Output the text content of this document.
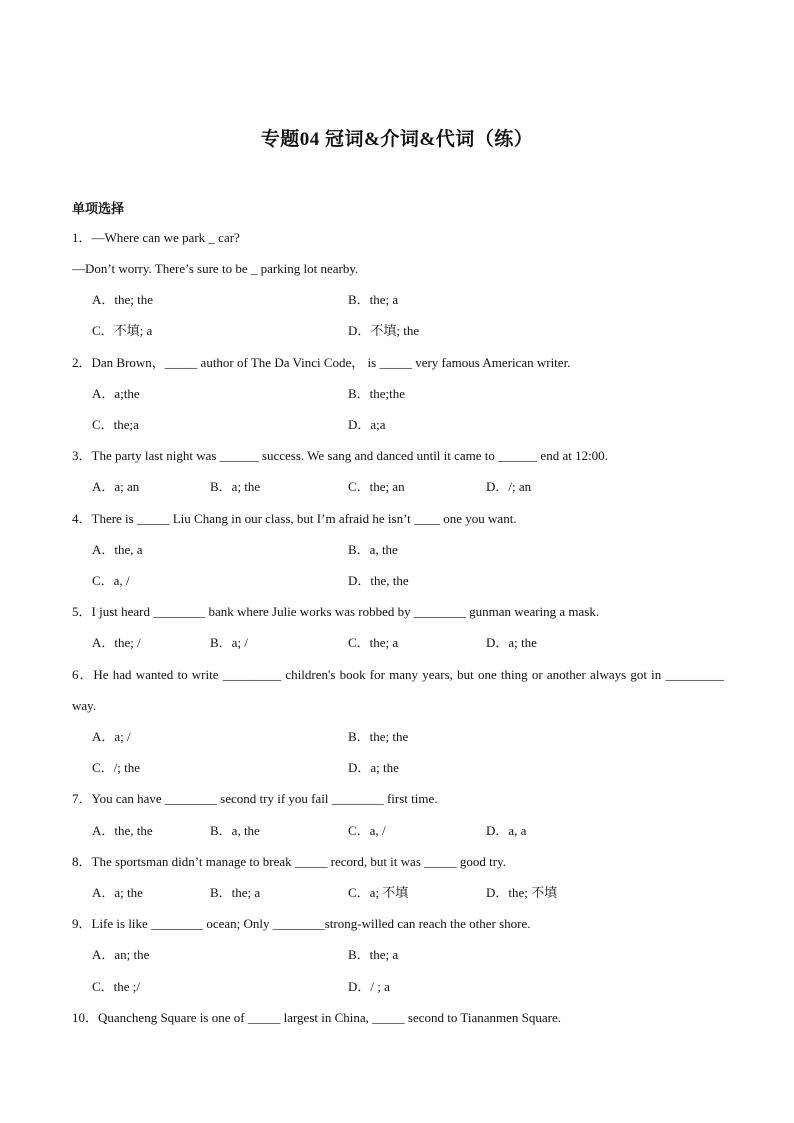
专题04 冠词&介词&代词（练）
单项选择
1．—Where can we park _ car?
—Don’t worry. There’s sure to be _ parking lot nearby.
A．the; the	B．the; a
C．不填; a	D．不填; the
2．Dan Brown，_____ author of The Da Vinci Code， is _____ very famous American writer.
A．a;the	B．the;the
C．the;a	D．a;a
3．The party last night was ______ success. We sang and danced until it came to ______ end at 12:00.
A．a; an	B．a; the	C．the; an	D．/; an
4．There is _____ Liu Chang in our class, but I’m afraid he isn’t ____ one you want.
A．the, a	B．a, the
C．a, /	D．the, the
5．I just heard ________ bank where Julie works was robbed by ________ gunman wearing a mask.
A．the; /	B．a; /	C．the; a	D．a; the
6．He had wanted to write _________ children's book for many years, but one thing or another always got in _________ way.
A．a; /	B．the; the
C．/; the	D．a; the
7．You can have ________ second try if you fail ________ first time.
A．the, the	B．a, the	C．a, /	D．a, a
8．The sportsman didn’t manage to break _____ record, but it was _____ good try.
A．a; the	B．the; a	C．a; 不填	D．the; 不填
9．Life is like ________ ocean; Only ________strong-willed can reach the other shore.
A．an; the	B．the; a
C．the ;/	D．/ ; a
10．Quancheng Square is one of _____ largest in China, _____ second to Tiananmen Square.
